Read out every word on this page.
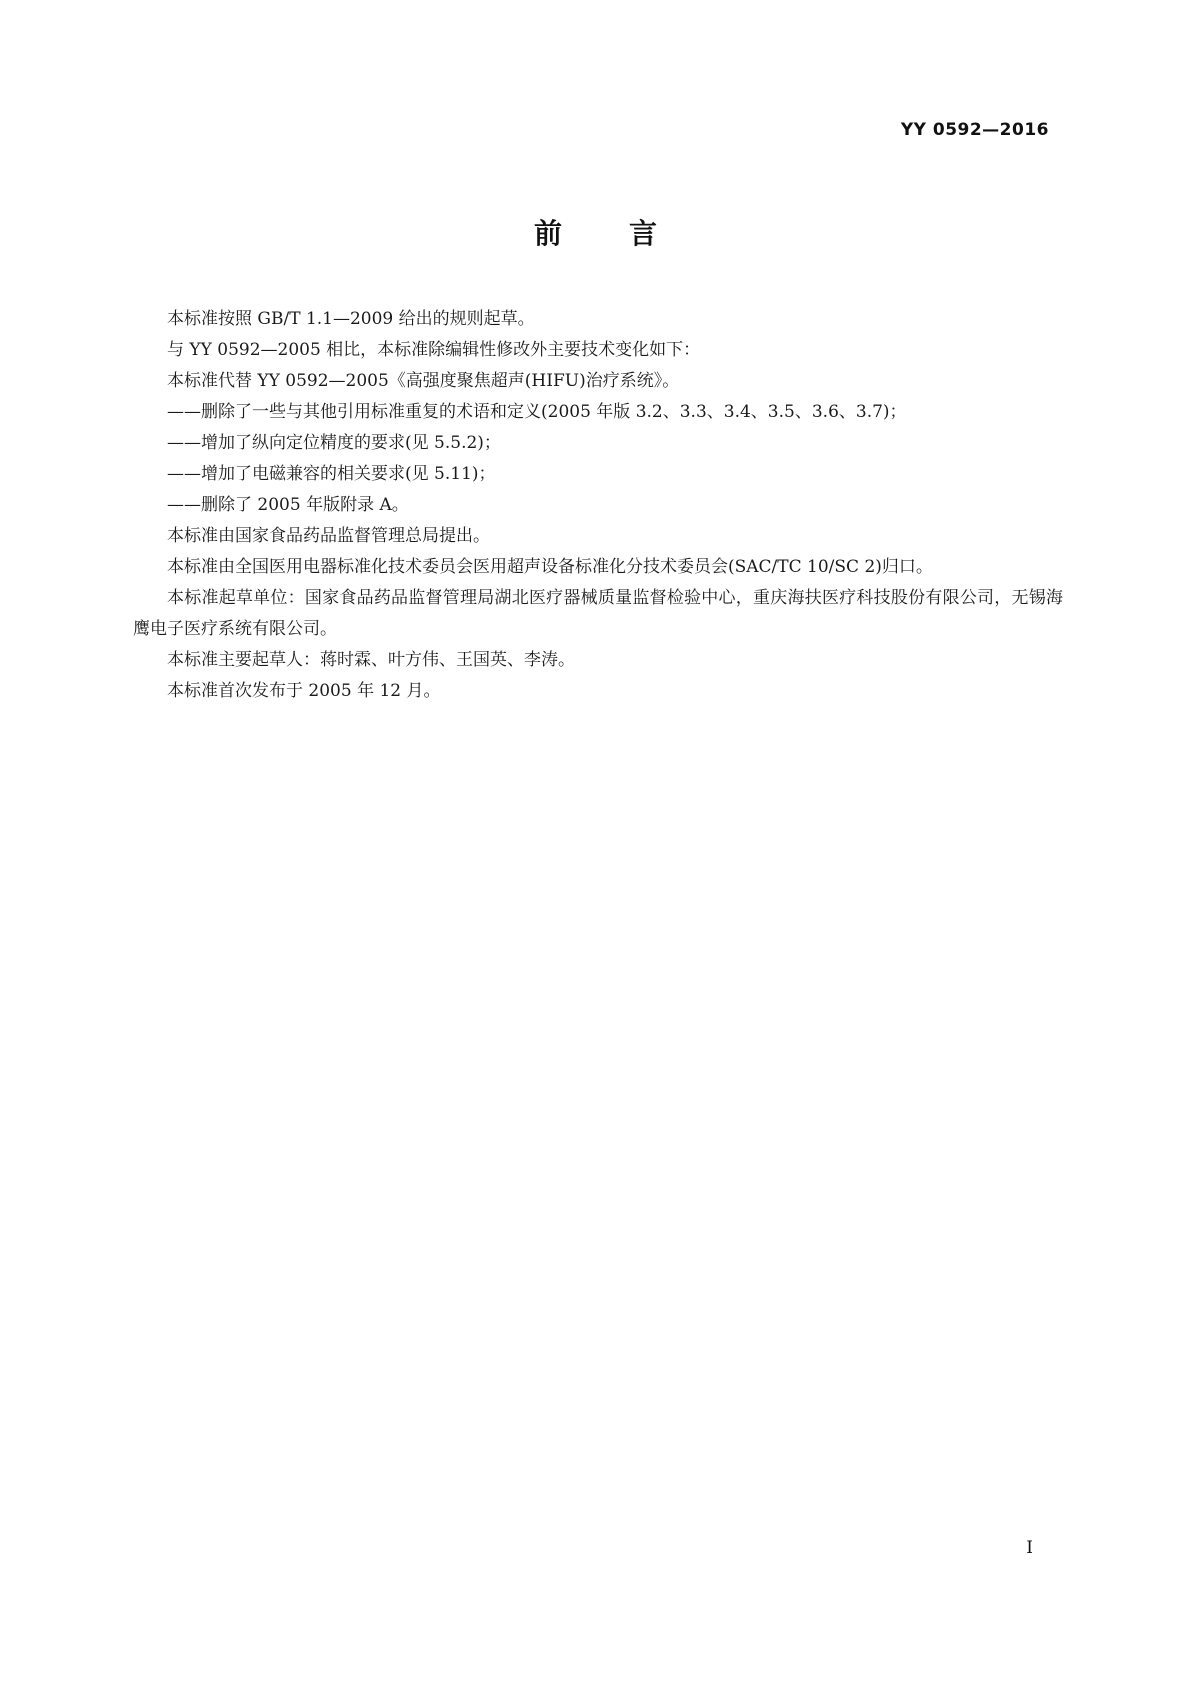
YY 0592—2016
前 言

本标准按照 GB/T 1.1—2009 给出的规则起草。

与 YY 0592—2005 相比，本标准除编辑性修改外主要技术变化如下：

本标准代替 YY 0592—2005《高强度聚焦超声(HIFU)治疗系统》。

——删除了一些与其他引用标准重复的术语和定义(2005 年版 3.2、3.3、3.4、3.5、3.6、3.7)；

——增加了纵向定位精度的要求(见 5.5.2)；

——增加了电磁兼容的相关要求(见 5.11)；

——删除了 2005 年版附录 A。

本标准由国家食品药品监督管理总局提出。

本标准由全国医用电器标准化技术委员会医用超声设备标准化分技术委员会(SAC/TC 10/SC 2)归口。

本标准起草单位：国家食品药品监督管理局湖北医疗器械质量监督检验中心，重庆海扶医疗科技股份有限公司，无锡海鹰电子医疗系统有限公司。

本标准主要起草人：蒋时霖、叶方伟、王国英、李涛。

本标准首次发布于 2005 年 12 月。

I
